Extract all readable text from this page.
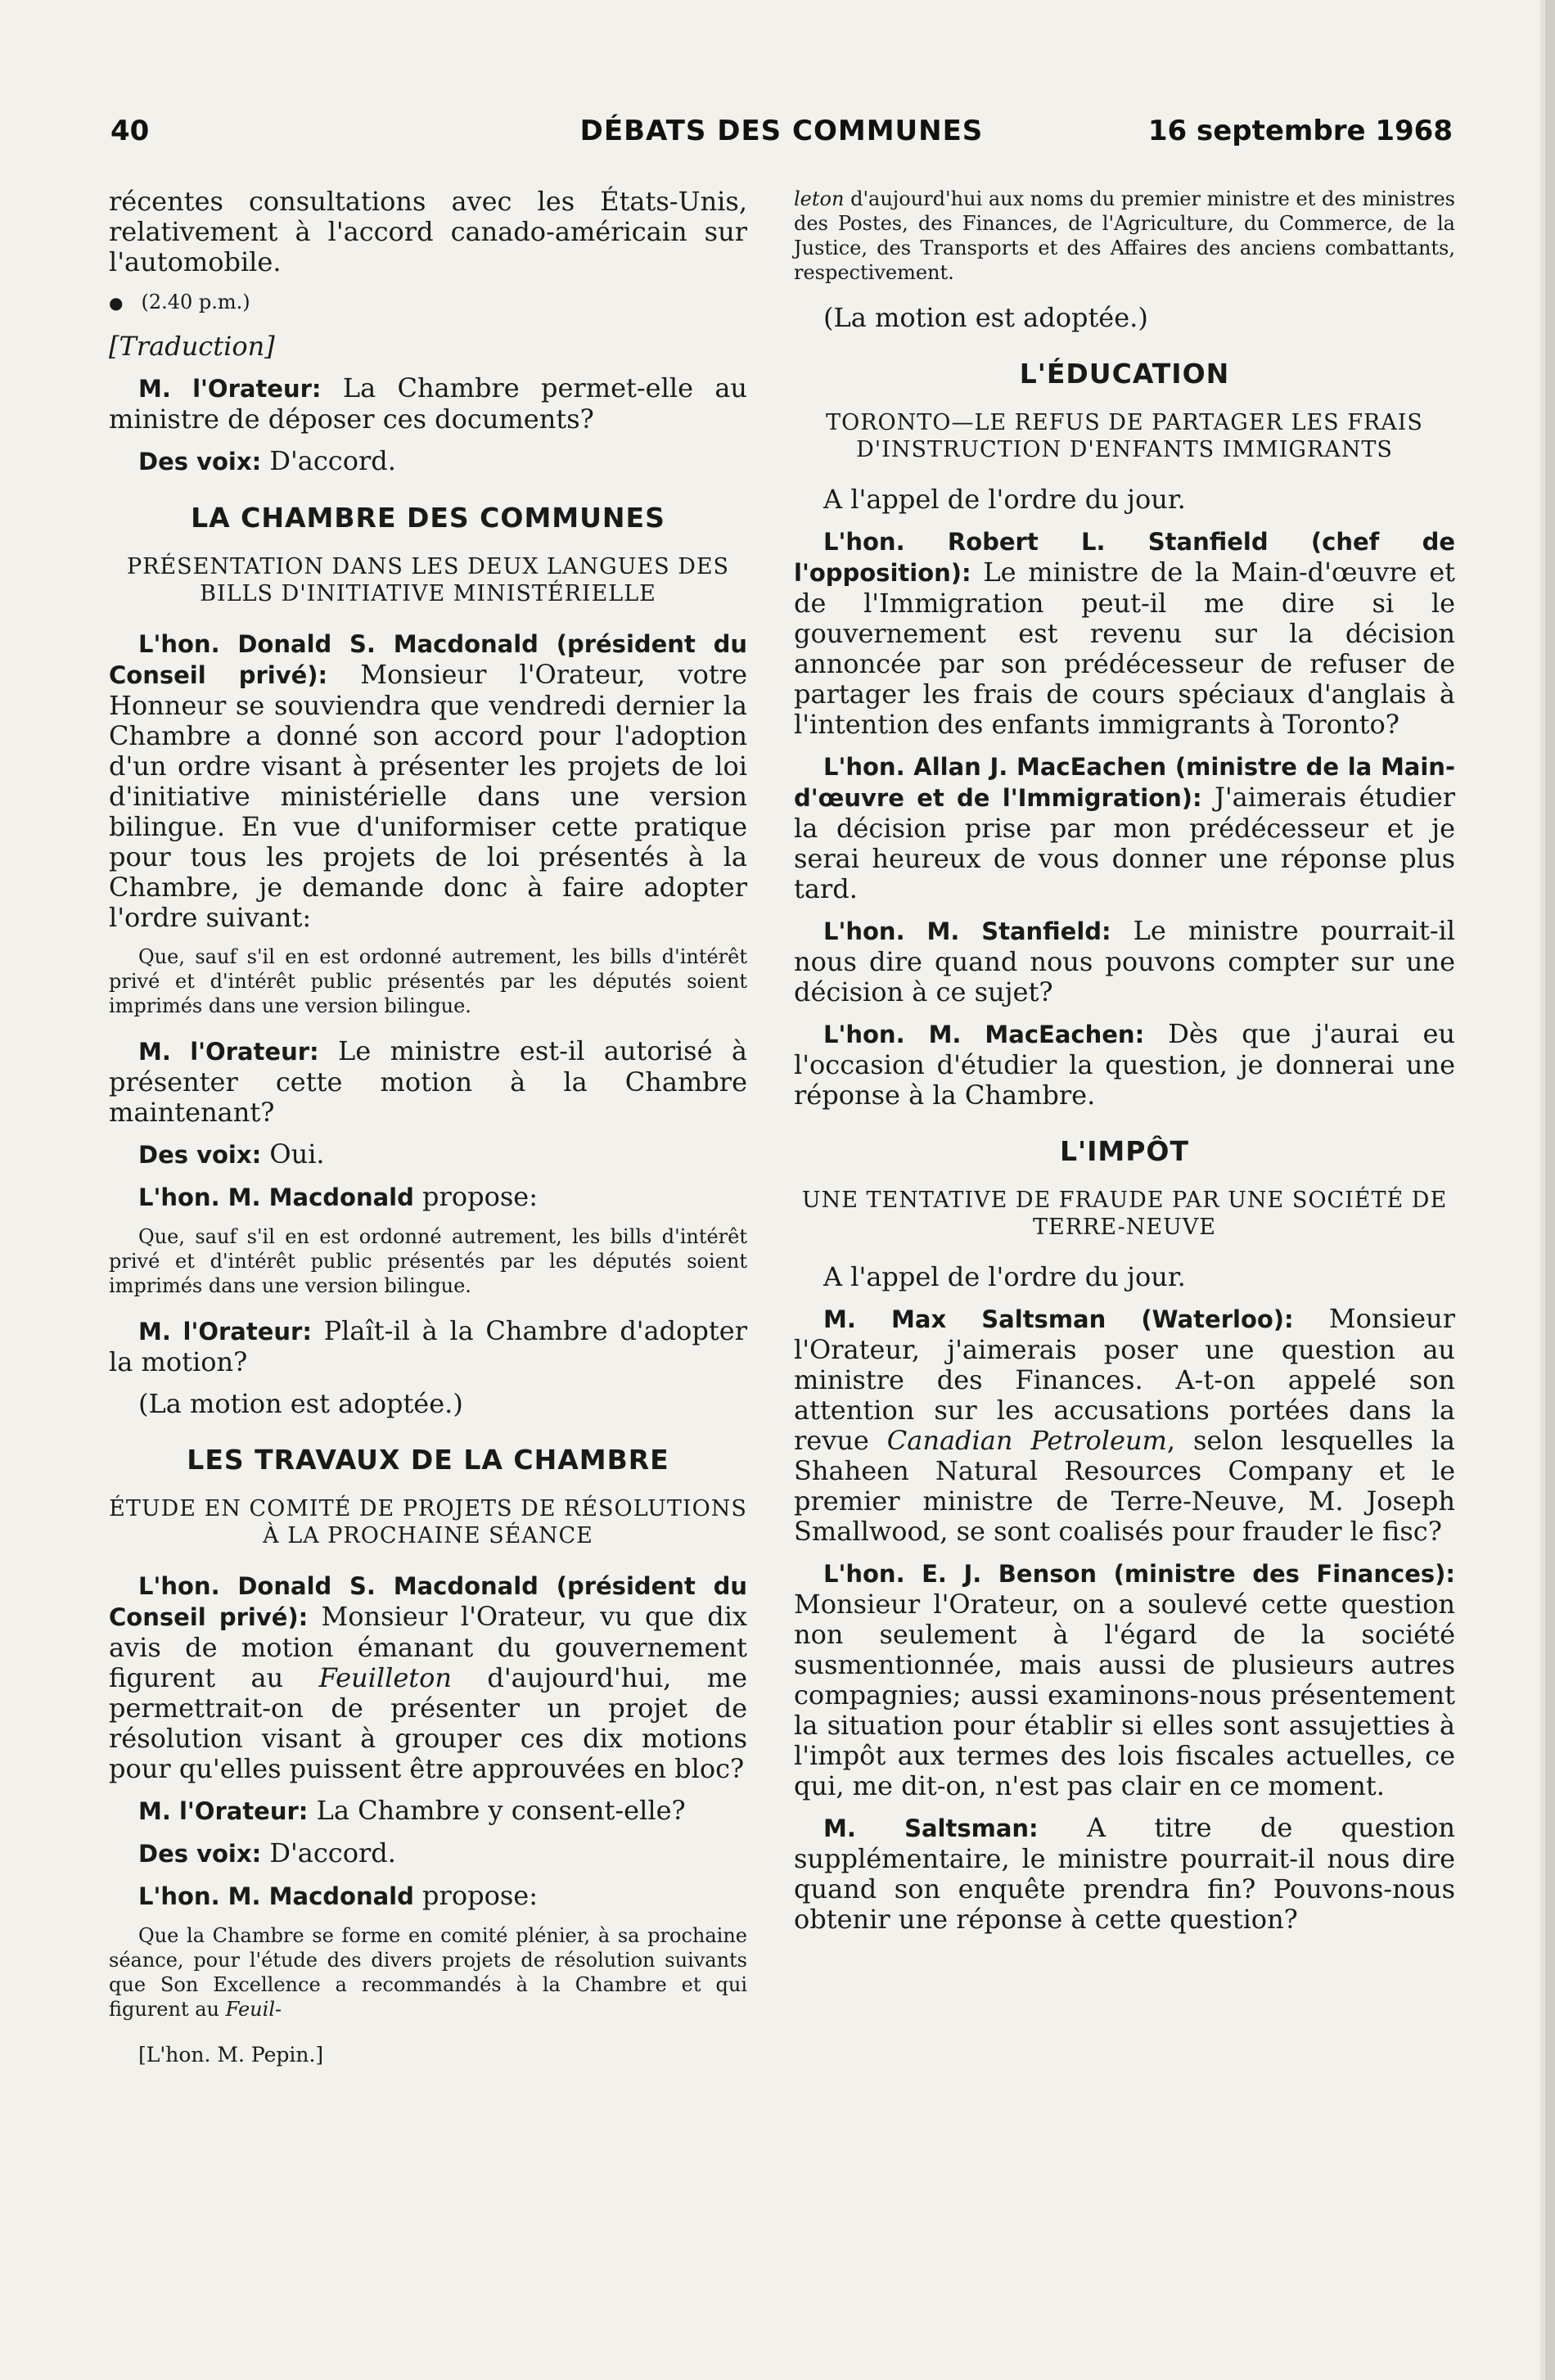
40	DÉBATS DES COMMUNES	16 septembre 1968

récentes consultations avec les États-Unis, relativement à l'accord canado-américain sur l'automobile.

● (2.40 p.m.)

[Traduction]

M. l'Orateur: La Chambre permet-elle au ministre de déposer ces documents?

Des voix: D'accord.

LA CHAMBRE DES COMMUNES
PRÉSENTATION DANS LES DEUX LANGUES DES BILLS D'INITIATIVE MINISTÉRIELLE

L'hon. Donald S. Macdonald (président du Conseil privé): Monsieur l'Orateur, votre Honneur se souviendra que vendredi dernier la Chambre a donné son accord pour l'adoption d'un ordre visant à présenter les projets de loi d'initiative ministérielle dans une version bilingue. En vue d'uniformiser cette pratique pour tous les projets de loi présentés à la Chambre, je demande donc à faire adopter l'ordre suivant:

Que, sauf s'il en est ordonné autrement, les bills d'intérêt privé et d'intérêt public présentés par les députés soient imprimés dans une version bilingue.

M. l'Orateur: Le ministre est-il autorisé à présenter cette motion à la Chambre maintenant?

Des voix: Oui.

L'hon. M. Macdonald propose:

Que, sauf s'il en est ordonné autrement, les bills d'intérêt privé et d'intérêt public présentés par les députés soient imprimés dans une version bilingue.

M. l'Orateur: Plaît-il à la Chambre d'adopter la motion?

(La motion est adoptée.)

LES TRAVAUX DE LA CHAMBRE
ÉTUDE EN COMITÉ DE PROJETS DE RÉSOLUTIONS À LA PROCHAINE SÉANCE

L'hon. Donald S. Macdonald (président du Conseil privé): Monsieur l'Orateur, vu que dix avis de motion émanant du gouvernement figurent au Feuilleton d'aujourd'hui, me permettrait-on de présenter un projet de résolution visant à grouper ces dix motions pour qu'elles puissent être approuvées en bloc?

M. l'Orateur: La Chambre y consent-elle?

Des voix: D'accord.

L'hon. M. Macdonald propose:

Que la Chambre se forme en comité plénier, à sa prochaine séance, pour l'étude des divers projets de résolution suivants que Son Excellence a recommandés à la Chambre et qui figurent au Feuil-

[L'hon. M. Pepin.]

leton d'aujourd'hui aux noms du premier ministre et des ministres des Postes, des Finances, de l'Agriculture, du Commerce, de la Justice, des Transports et des Affaires des anciens combattants, respectivement.

(La motion est adoptée.)

L'ÉDUCATION
TORONTO—LE REFUS DE PARTAGER LES FRAIS D'INSTRUCTION D'ENFANTS IMMIGRANTS

A l'appel de l'ordre du jour.

L'hon. Robert L. Stanfield (chef de l'opposition): Le ministre de la Main-d'œuvre et de l'Immigration peut-il me dire si le gouvernement est revenu sur la décision annoncée par son prédécesseur de refuser de partager les frais de cours spéciaux d'anglais à l'intention des enfants immigrants à Toronto?

L'hon. Allan J. MacEachen (ministre de la Main-d'œuvre et de l'Immigration): J'aimerais étudier la décision prise par mon prédécesseur et je serai heureux de vous donner une réponse plus tard.

L'hon. M. Stanfield: Le ministre pourrait-il nous dire quand nous pouvons compter sur une décision à ce sujet?

L'hon. M. MacEachen: Dès que j'aurai eu l'occasion d'étudier la question, je donnerai une réponse à la Chambre.

L'IMPÔT
UNE TENTATIVE DE FRAUDE PAR UNE SOCIÉTÉ DE TERRE-NEUVE

A l'appel de l'ordre du jour.

M. Max Saltsman (Waterloo): Monsieur l'Orateur, j'aimerais poser une question au ministre des Finances. A-t-on appelé son attention sur les accusations portées dans la revue Canadian Petroleum, selon lesquelles la Shaheen Natural Resources Company et le premier ministre de Terre-Neuve, M. Joseph Smallwood, se sont coalisés pour frauder le fisc?

L'hon. E. J. Benson (ministre des Finances): Monsieur l'Orateur, on a soulevé cette question non seulement à l'égard de la société susmentionnée, mais aussi de plusieurs autres compagnies; aussi examinons-nous présentement la situation pour établir si elles sont assujetties à l'impôt aux termes des lois fiscales actuelles, ce qui, me dit-on, n'est pas clair en ce moment.

M. Saltsman: A titre de question supplémentaire, le ministre pourrait-il nous dire quand son enquête prendra fin? Pouvons-nous obtenir une réponse à cette question?
